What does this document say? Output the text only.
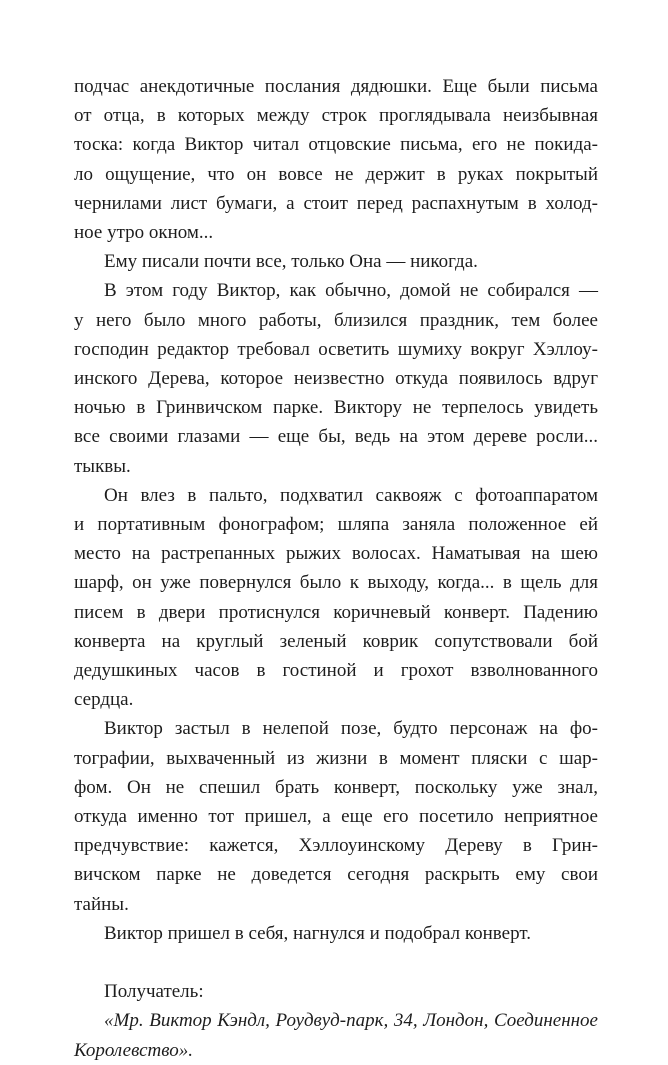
подчас анекдотичные послания дядюшки. Еще были письма
от отца, в которых между строк проглядывала неизбывная
тоска: когда Виктор читал отцовские письма, его не покида-
ло ощущение, что он вовсе не держит в руках покрытый
чернилами лист бумаги, а стоит перед распахнутым в холод-
ное утро окном...
Ему писали почти все, только Она — никогда.
В этом году Виктор, как обычно, домой не собирался —
у него было много работы, близился праздник, тем более
господин редактор требовал осветить шумиху вокруг Хэллоу-
инского Дерева, которое неизвестно откуда появилось вдруг
ночью в Гринвичском парке. Виктору не терпелось увидеть
все своими глазами — еще бы, ведь на этом дереве росли...
тыквы.
Он влез в пальто, подхватил саквояж с фотоаппаратом
и портативным фонографом; шляпа заняла положенное ей
место на растрепанных рыжих волосах. Наматывая на шею
шарф, он уже повернулся было к выходу, когда... в щель для
писем в двери протиснулся коричневый конверт. Падению
конверта на круглый зеленый коврик сопутствовали бой
дедушкиных часов в гостиной и грохот взволнованного
сердца.
Виктор застыл в нелепой позе, будто персонаж на фо-
тографии, выхваченный из жизни в момент пляски с шар-
фом. Он не спешил брать конверт, поскольку уже знал,
откуда именно тот пришел, а еще его посетило неприятное
предчувствие: кажется, Хэллоуинскому Дереву в Грин-
вичском парке не доведется сегодня раскрыть ему свои
тайны.
Виктор пришел в себя, нагнулся и подобрал конверт.
Получатель:
«Мр. Виктор Кэндл, Роудвуд-парк, 34, Лондон, Соединенное
Королевство».
